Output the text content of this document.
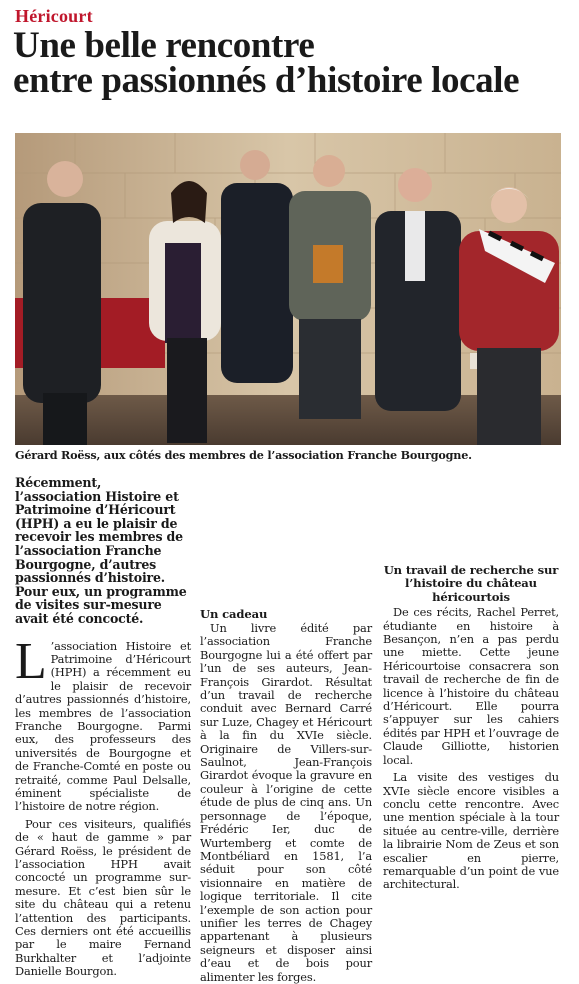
Héricourt
Une belle rencontre
entre passionnés d’histoire locale
Gérard Roëss, aux côtés des membres de l’association Franche Bourgogne.

Récemment, l’association Histoire et Patrimoine d’Héricourt (HPH) a eu le plaisir de recevoir les membres de l’association Franche Bourgogne, d’autres passionnés d’histoire. Pour eux, un programme de visites sur-mesure avait été concocté.

L ’association Histoire et Patrimoine d’Héricourt (HPH) a récemment eu le plaisir de recevoir d’autres passionnés d’histoire, les membres de l’association Franche Bourgogne. Parmi eux, des professeurs des universités de Bourgogne et de Franche-Comté en poste ou retraité, comme Paul Delsalle, éminent spécialiste de l’histoire de notre région.

Pour ces visiteurs, qualifiés de « haut de gamme » par Gérard Roëss, le président de l’association HPH avait concocté un programme sur-mesure. Et c’est bien sûr le site du château qui a retenu l’attention des participants. Ces derniers ont été accueillis par le maire Fernand Burkhalter et l’adjointe Danielle Bourgon.

Un cadeau

Un travail de recherche sur l’histoire du château héricourtois

De ces récits, Rachel Perret, étudiante en histoire à Besançon, n’en a pas perdu une miette. Cette jeune Héricourtoise consacrera son travail de recherche de fin de licence à l’histoire du château d’Héricourt. Elle pourra s’appuyer sur les cahiers édités par HPH et l’ouvrage de Claude Gilliotte, historien local.

La visite des vestiges du XVIe siècle encore visibles a conclu cette rencontre. Avec une mention spéciale à la tour située au centre-ville, derrière la librairie Nom de Zeus et son escalier en pierre, remarquable d’un point de vue architectural.

Un livre édité par l’association Franche Bourgogne lui a été offert par l’un de ses auteurs, Jean-François Girardot. Résultat d’un travail de recherche conduit avec Bernard Carré sur Luze, Chagey et Héricourt à la fin du XVIe siècle. Originaire de Villers-sur-Saulnot, Jean-François Girardot évoque la gravure en couleur à l’origine de cette étude de plus de cinq ans. Un personnage de l’époque, Frédéric Ier, duc de Wurtemberg et comte de Montbéliard en 1581, l’a séduit pour son côté visionnaire en matière de logique territoriale. Il cite l’exemple de son action pour unifier les terres de Chagey appartenant à plusieurs seigneurs et disposer ainsi d’eau et de bois pour alimenter les forges.
